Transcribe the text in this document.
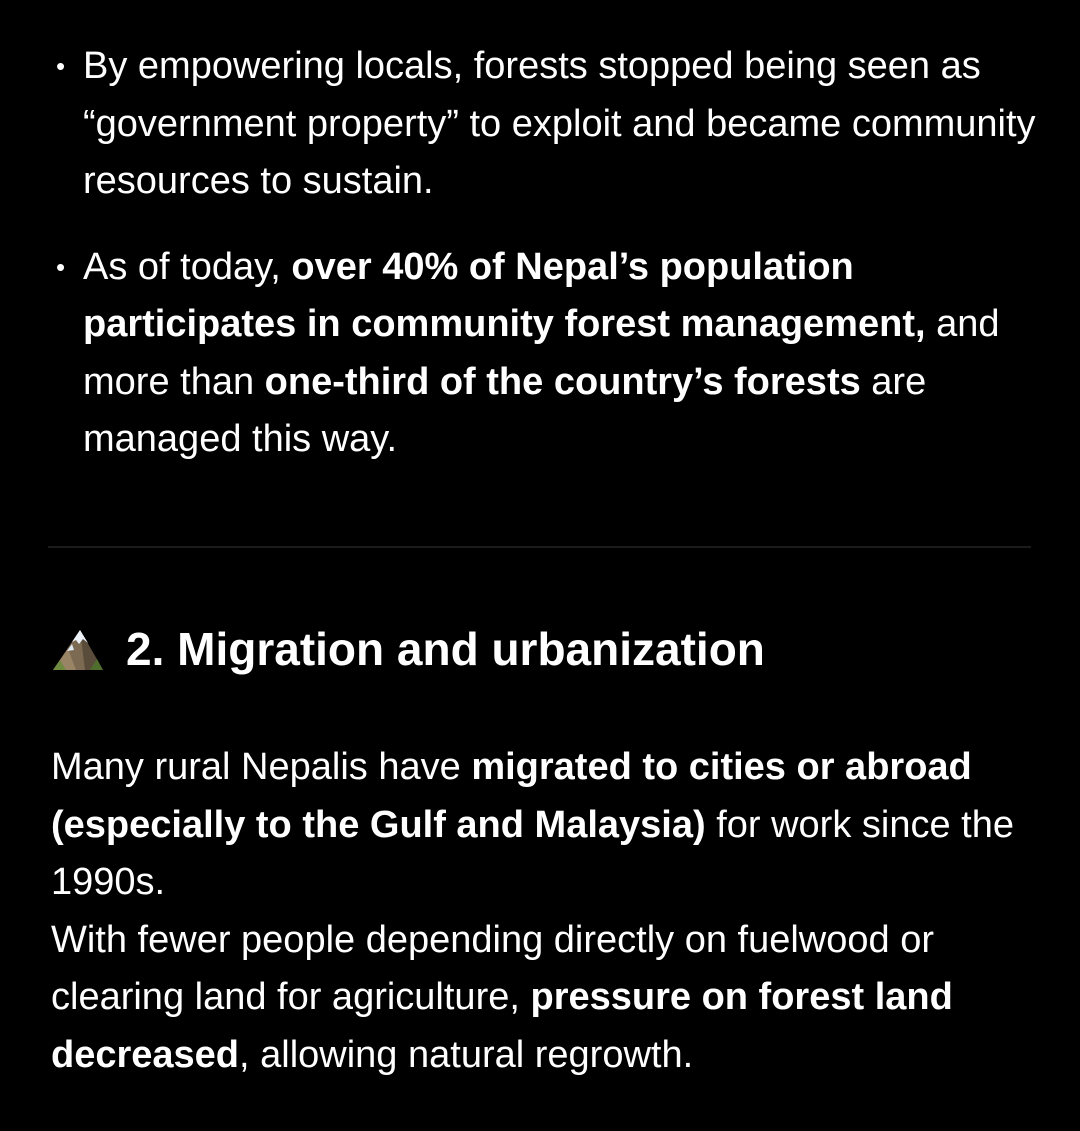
• By empowering locals, forests stopped being seen as “government property” to exploit and became community resources to sustain.
• As of today, over 40% of Nepal’s population participates in community forest management, and more than one-third of the country’s forests are managed this way.
2. Migration and urbanization

Many rural Nepalis have migrated to cities or abroad (especially to the Gulf and Malaysia) for work since the 1990s.
With fewer people depending directly on fuelwood or clearing land for agriculture, pressure on forest land decreased, allowing natural regrowth.
